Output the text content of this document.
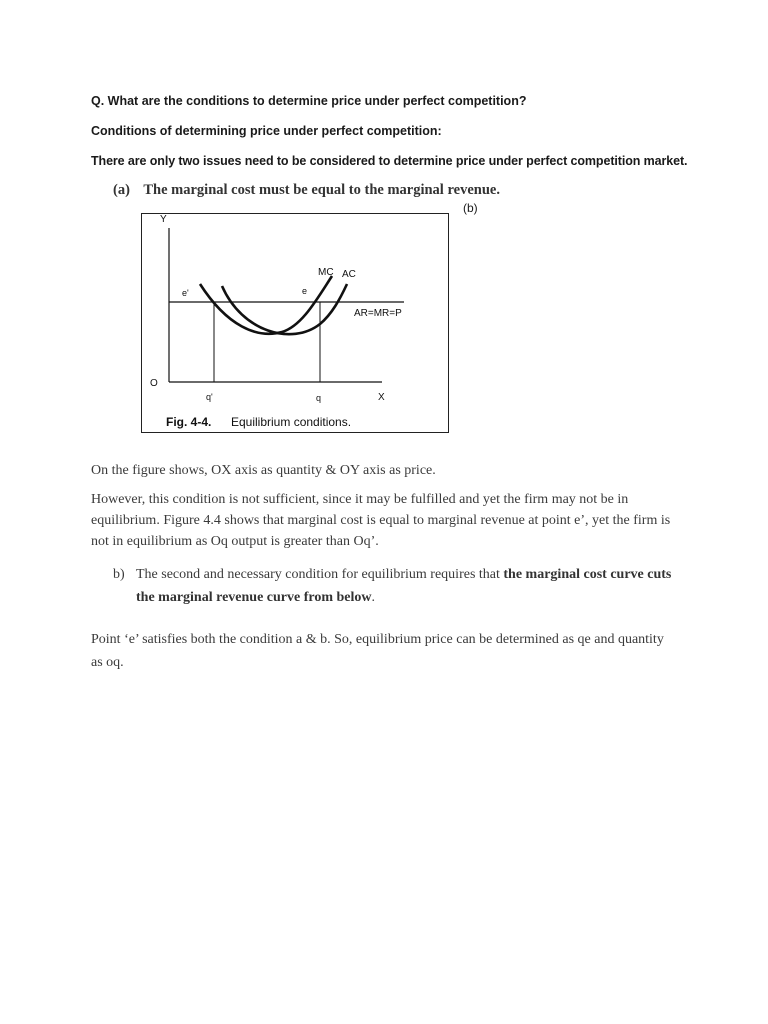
Q. What are the conditions to determine price under perfect competition?
Conditions of determining price under perfect competition:
There are only two issues need to be considered to determine price under perfect competition market.
(a) The marginal cost must be equal to the marginal revenue.
(b)
Y
X
O
MC AC
e'	e
AR=MR=P
q'	q
Fig. 4-4. Equilibrium conditions.
On the figure shows, OX axis as quantity & OY axis as price.
However, this condition is not sufficient, since it may be fulfilled and yet the firm may not be in equilibrium. Figure 4.4 shows that marginal cost is equal to marginal revenue at point e’, yet the firm is not in equilibrium as Oq output is greater than Oq’.
b) The second and necessary condition for equilibrium requires that the marginal cost curve cuts the marginal revenue curve from below.
Point ‘e’ satisfies both the condition a & b. So, equilibrium price can be determined as qe and quantity as oq.
